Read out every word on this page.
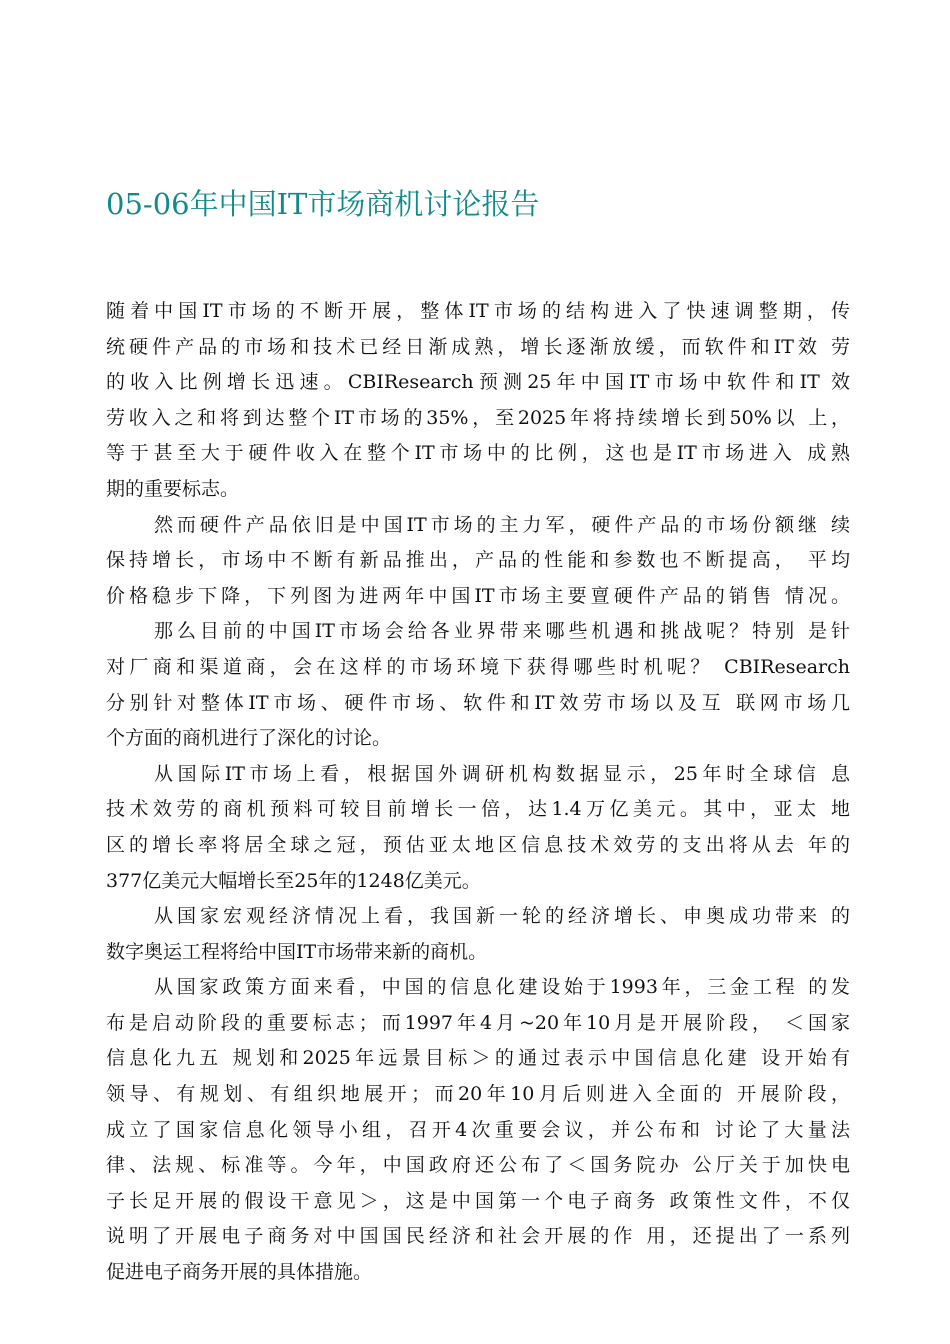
05-06年中国IT市场商机讨论报告

随着中国IT市场的不断开展，整体IT市场的结构进入了快速调整期，传
统硬件产品的市场和技术已经日渐成熟，增长逐渐放缓，而软件和IT效 劳
的收入比例增长迅速。CBIResearch预测25年中国IT市场中软件和IT 效
劳收入之和将到达整个IT市场的35%，至2025年将持续增长到50%以 上，
等于甚至大于硬件收入在整个IT市场中的比例，这也是IT市场进入 成熟
期的重要标志。

然而硬件产品依旧是中国IT市场的主力军，硬件产品的市场份额继 续
保持增长，市场中不断有新品推出，产品的性能和参数也不断提高， 平均
价格稳步下降，下列图为进两年中国IT市场主要亶硬件产品的销售 情况。

那么目前的中国IT市场会给各业界带来哪些机遇和挑战呢？特别 是针
对厂商和渠道商，会在这样的市场环境下获得哪些时机呢？ CBIResearch
分别针对整体IT市场、硬件市场、软件和IT效劳市场以及互 联网市场几
个方面的商机进行了深化的讨论。

从国际IT市场上看，根据国外调研机构数据显示，25年时全球信 息
技术效劳的商机预料可较目前增长一倍，达1.4万亿美元。其中，亚太 地
区的增长率将居全球之冠，预估亚太地区信息技术效劳的支出将从去 年的
377亿美元大幅增长至25年的1248亿美元。

从国家宏观经济情况上看，我国新一轮的经济增长、申奥成功带来 的
数字奥运工程将给中国IT市场带来新的商机。

从国家政策方面来看，中国的信息化建设始于1993年，三金工程 的发
布是启动阶段的重要标志；而1997年4月~20年10月是开展阶段， ＜国家
信息化九五 规划和2025年远景目标＞的通过表示中国信息化建 设开始有
领导、有规划、有组织地展开；而20年10月后则进入全面的 开展阶段，
成立了国家信息化领导小组，召开4次重要会议，并公布和 讨论了大量法
律、法规、标准等。今年，中国政府还公布了＜国务院办 公厅关于加快电
子长足开展的假设干意见＞，这是中国第一个电子商务 政策性文件，不仅
说明了开展电子商务对中国国民经济和社会开展的作 用，还提出了一系列
促进电子商务开展的具体措施。
